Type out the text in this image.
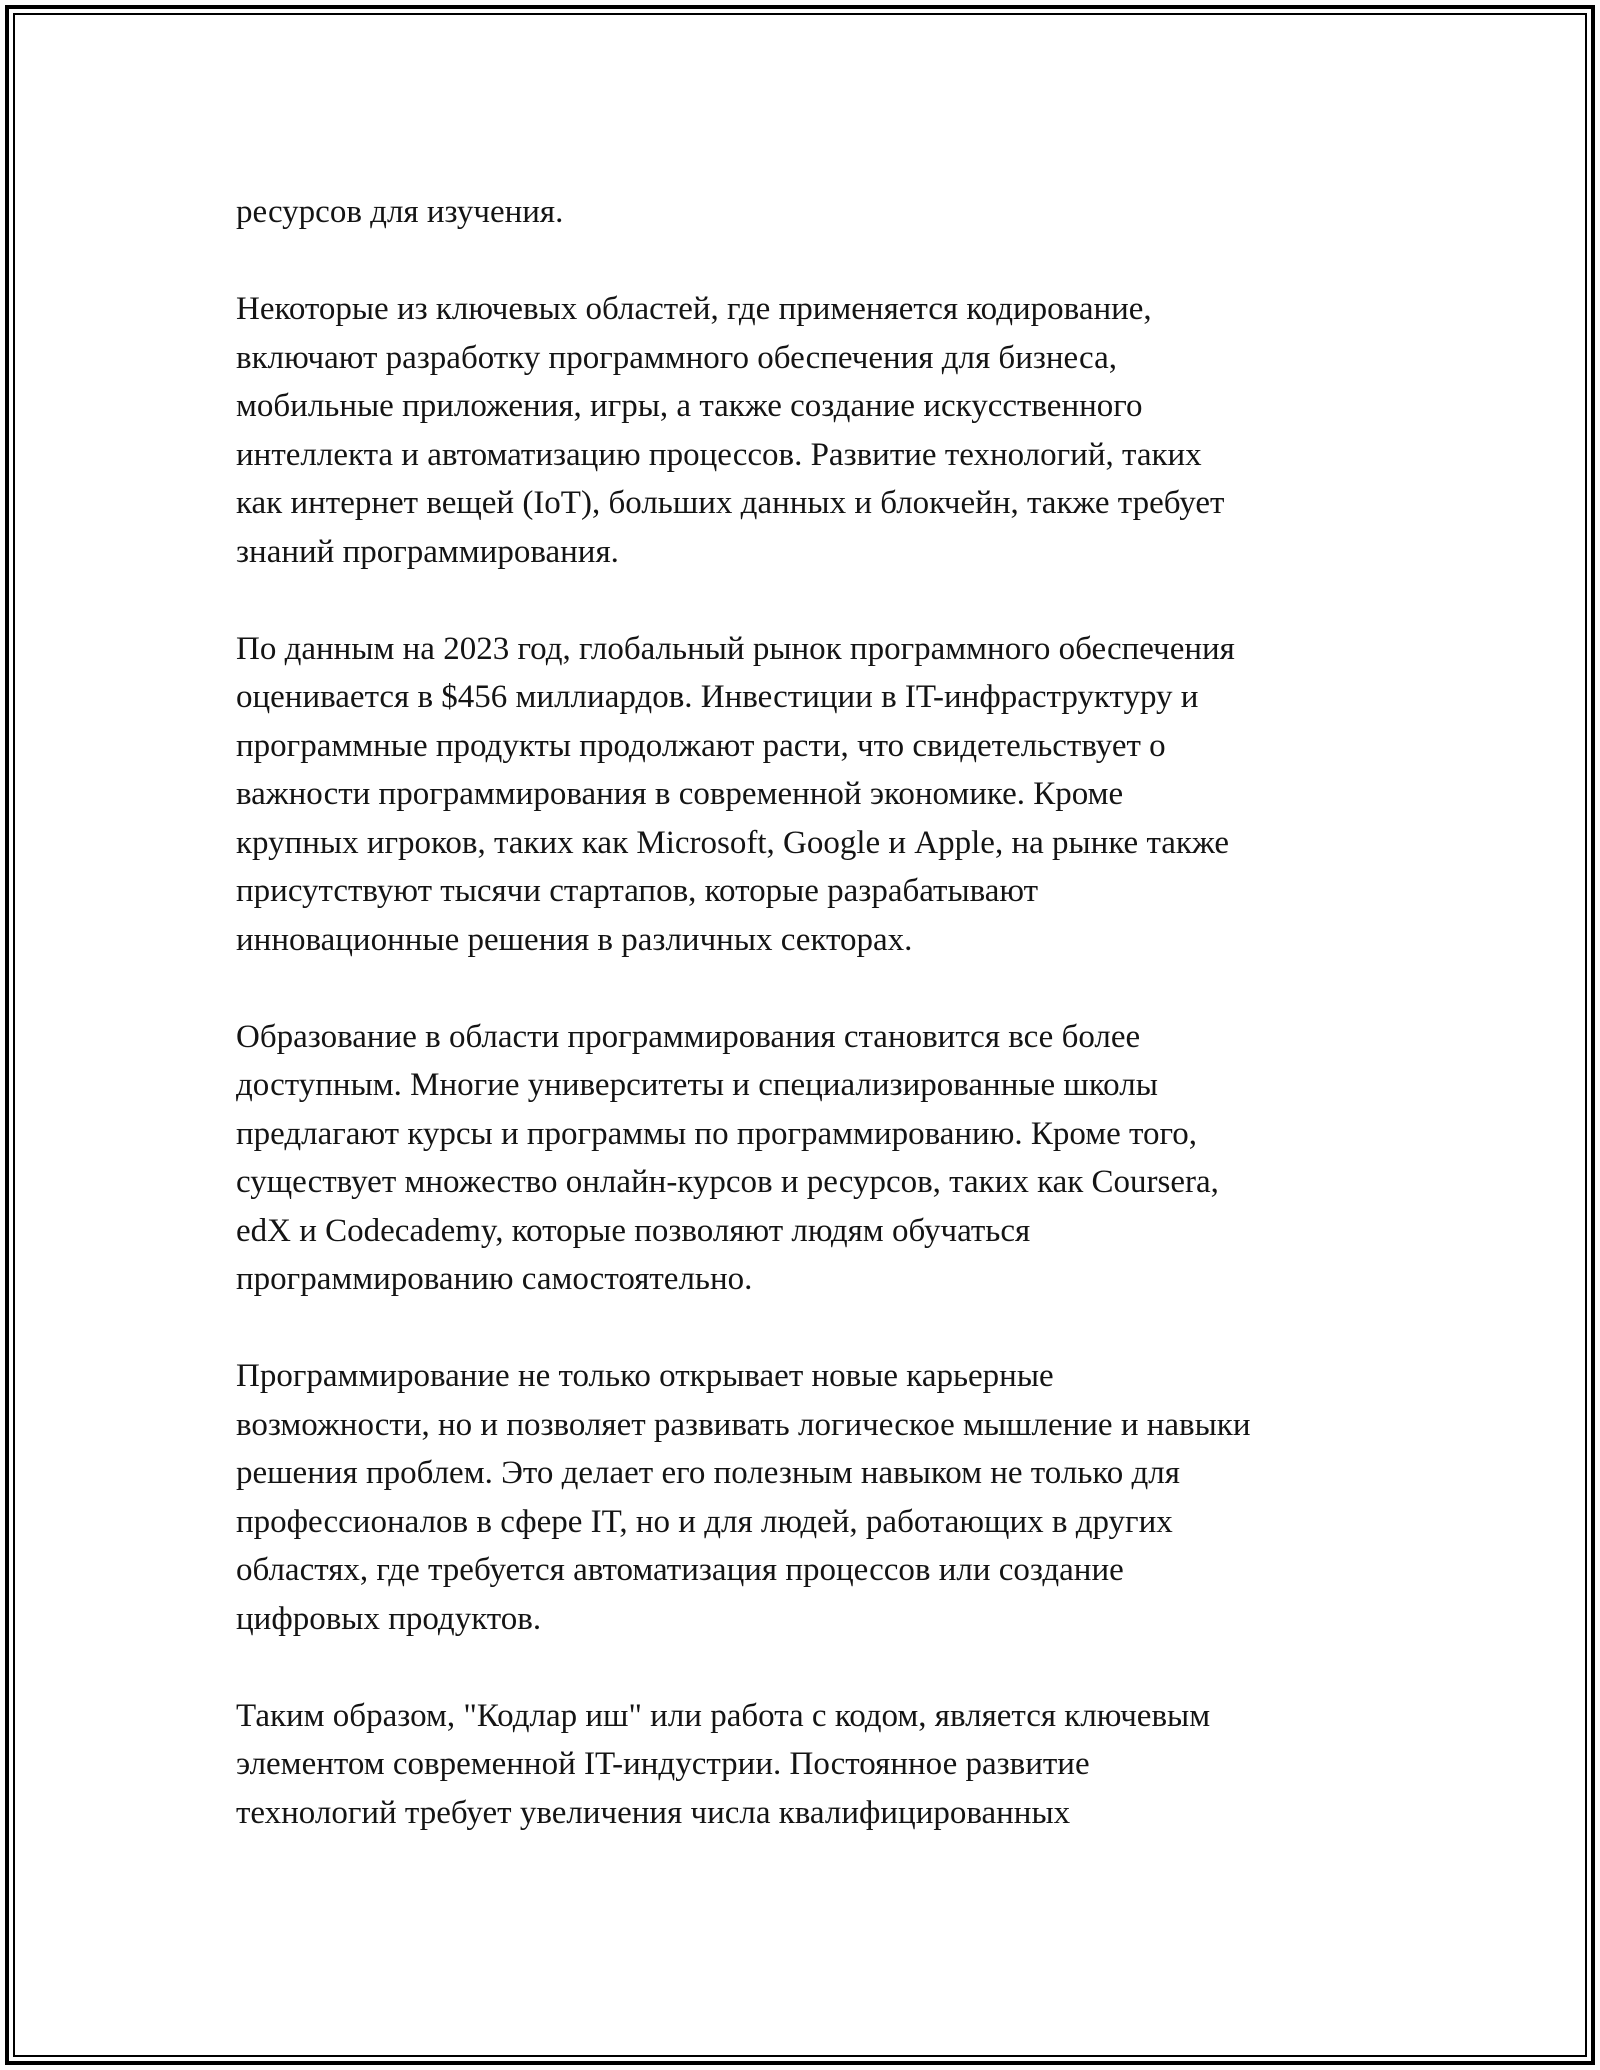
ресурсов для изучения.

Некоторые из ключевых областей, где применяется кодирование,
включают разработку программного обеспечения для бизнеса,
мобильные приложения, игры, а также создание искусственного
интеллекта и автоматизацию процессов. Развитие технологий, таких
как интернет вещей (IoT), больших данных и блокчейн, также требует
знаний программирования.

По данным на 2023 год, глобальный рынок программного обеспечения
оценивается в $456 миллиардов. Инвестиции в IT-инфраструктуру и
программные продукты продолжают расти, что свидетельствует о
важности программирования в современной экономике. Кроме
крупных игроков, таких как Microsoft, Google и Apple, на рынке также
присутствуют тысячи стартапов, которые разрабатывают
инновационные решения в различных секторах.

Образование в области программирования становится все более
доступным. Многие университеты и специализированные школы
предлагают курсы и программы по программированию. Кроме того,
существует множество онлайн-курсов и ресурсов, таких как Coursera,
edX и Codecademy, которые позволяют людям обучаться
программированию самостоятельно.

Программирование не только открывает новые карьерные
возможности, но и позволяет развивать логическое мышление и навыки
решения проблем. Это делает его полезным навыком не только для
профессионалов в сфере IT, но и для людей, работающих в других
областях, где требуется автоматизация процессов или создание
цифровых продуктов.

Таким образом, "Кодлар иш" или работа с кодом, является ключевым
элементом современной IT-индустрии. Постоянное развитие
технологий требует увеличения числа квалифицированных
